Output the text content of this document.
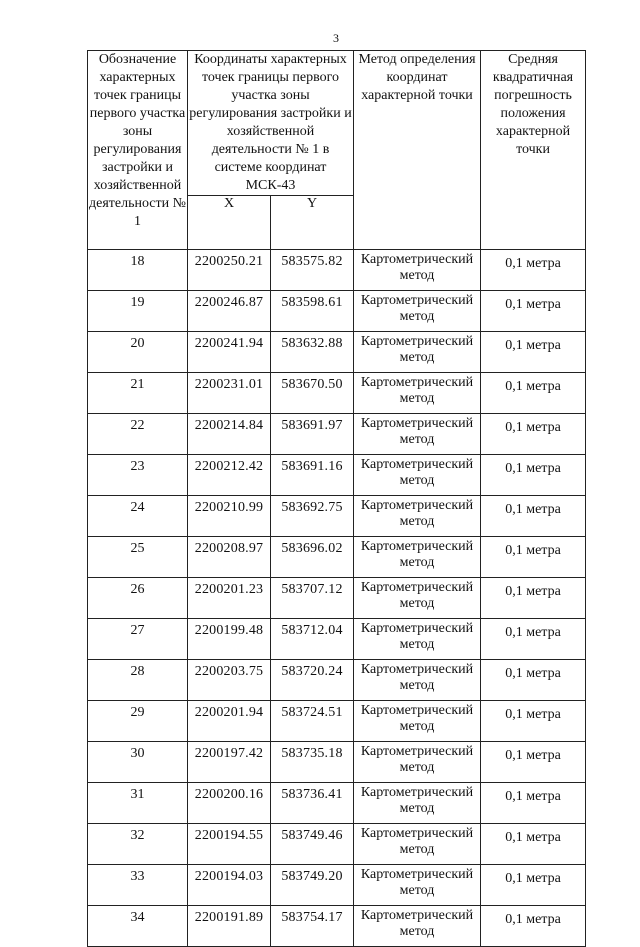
3
Обозначение характерных точек границы первого участка зоны регулирования застройки и хозяйственной деятельности № 1	Координаты характерных точек границы первого участка зоны регулирования застройки и хозяйственной деятельности № 1 в системе координат МСК-43		Метод определения координат характерной точки	Средняя квадратичная погрешность положения характерной точки
	X	Y		
18	2200250.21	583575.82	Картометрический метод	0,1 метра
19	2200246.87	583598.61	Картометрический метод	0,1 метра
20	2200241.94	583632.88	Картометрический метод	0,1 метра
21	2200231.01	583670.50	Картометрический метод	0,1 метра
22	2200214.84	583691.97	Картометрический метод	0,1 метра
23	2200212.42	583691.16	Картометрический метод	0,1 метра
24	2200210.99	583692.75	Картометрический метод	0,1 метра
25	2200208.97	583696.02	Картометрический метод	0,1 метра
26	2200201.23	583707.12	Картометрический метод	0,1 метра
27	2200199.48	583712.04	Картометрический метод	0,1 метра
28	2200203.75	583720.24	Картометрический метод	0,1 метра
29	2200201.94	583724.51	Картометрический метод	0,1 метра
30	2200197.42	583735.18	Картометрический метод	0,1 метра
31	2200200.16	583736.41	Картометрический метод	0,1 метра
32	2200194.55	583749.46	Картометрический метод	0,1 метра
33	2200194.03	583749.20	Картометрический метод	0,1 метра
34	2200191.89	583754.17	Картометрический метод	0,1 метра
